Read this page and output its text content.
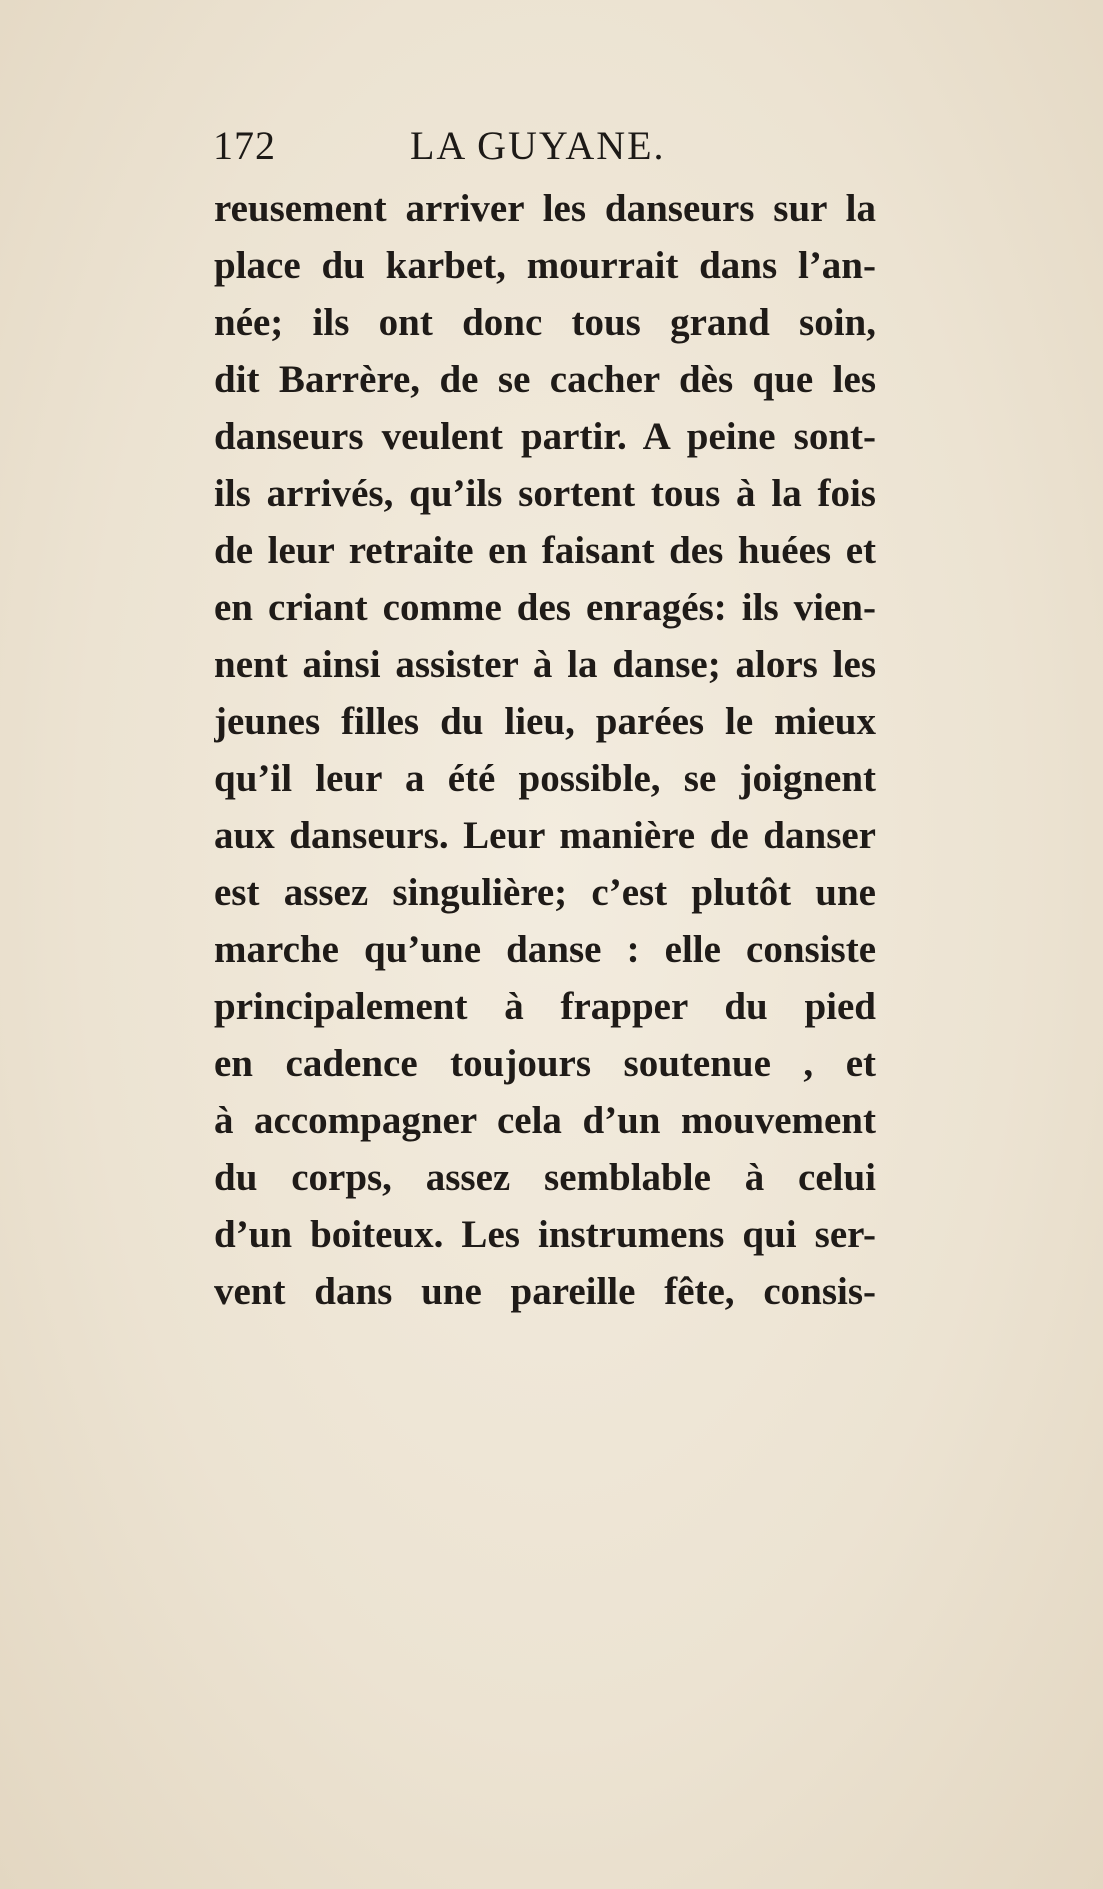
172	LA GUYANE.
reusement arriver les danseurs sur la
place du karbet, mourrait dans l’an-
née; ils ont donc tous grand soin,
dit Barrère, de se cacher dès que les
danseurs veulent partir. A peine sont-
ils arrivés, qu’ils sortent tous à la fois
de leur retraite en faisant des huées et
en criant comme des enragés: ils vien-
nent ainsi assister à la danse; alors les
jeunes filles du lieu, parées le mieux
qu’il leur a été possible, se joignent
aux danseurs. Leur manière de danser
est assez singulière; c’est plutôt une
marche qu’une danse : elle consiste
principalement à frapper du pied
en cadence toujours soutenue , et
à accompagner cela d’un mouvement
du corps, assez semblable à celui
d’un boiteux. Les instrumens qui ser-
vent dans une pareille fête, consis-
